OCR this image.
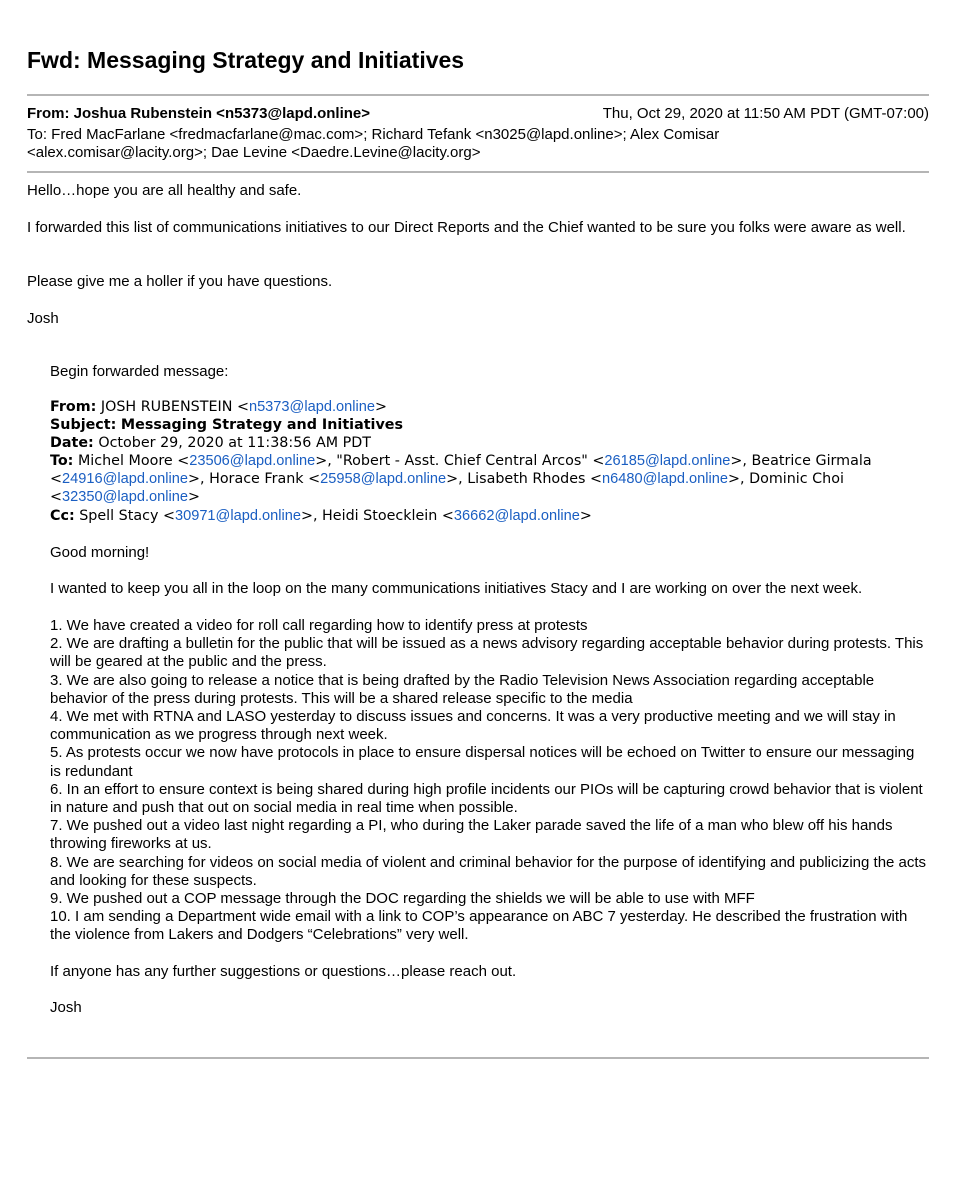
Fwd: Messaging Strategy and Initiatives
From: Joshua Rubenstein <n5373@lapd.online>	Thu, Oct 29, 2020 at 11:50 AM PDT (GMT-07:00)
To: Fred MacFarlane <fredmacfarlane@mac.com>; Richard Tefank <n3025@lapd.online>; Alex Comisar <alex.comisar@lacity.org>; Dae Levine <Daedre.Levine@lacity.org>

Hello…hope you are all healthy and safe.

I forwarded this list of communications initiatives to our Direct Reports and the Chief wanted to be sure you folks were aware as well.

Please give me a holler if you have questions.

Josh

Begin forwarded message:

From: JOSH RUBENSTEIN <n5373@lapd.online>
Subject: Messaging Strategy and Initiatives
Date: October 29, 2020 at 11:38:56 AM PDT
To: Michel Moore <23506@lapd.online>, "Robert - Asst. Chief Central Arcos" <26185@lapd.online>, Beatrice Girmala <24916@lapd.online>, Horace Frank <25958@lapd.online>, Lisabeth Rhodes <n6480@lapd.online>, Dominic Choi <32350@lapd.online>
Cc: Spell Stacy <30971@lapd.online>, Heidi Stoecklein <36662@lapd.online>

Good morning!

I wanted to keep you all in the loop on the many communications initiatives Stacy and I are working on over the next week.

1. We have created a video for roll call regarding how to identify press at protests
2. We are drafting a bulletin for the public that will be issued as a news advisory regarding acceptable behavior during protests. This will be geared at the public and the press.
3. We are also going to release a notice that is being drafted by the Radio Television News Association regarding acceptable behavior of the press during protests. This will be a shared release specific to the media
4. We met with RTNA and LASO yesterday to discuss issues and concerns. It was a very productive meeting and we will stay in communication as we progress through next week.
5. As protests occur we now have protocols in place to ensure dispersal notices will be echoed on Twitter to ensure our messaging is redundant
6. In an effort to ensure context is being shared during high profile incidents our PIOs will be capturing crowd behavior that is violent in nature and push that out on social media in real time when possible.
7. We pushed out a video last night regarding a PI, who during the Laker parade saved the life of a man who blew off his hands throwing fireworks at us.
8. We are searching for videos on social media of violent and criminal behavior for the purpose of identifying and publicizing the acts and looking for these suspects.
9. We pushed out a COP message through the DOC regarding the shields we will be able to use with MFF
10. I am sending a Department wide email with a link to COP’s appearance on ABC 7 yesterday. He described the frustration with the violence from Lakers and Dodgers “Celebrations” very well.

If anyone has any further suggestions or questions…please reach out.

Josh
